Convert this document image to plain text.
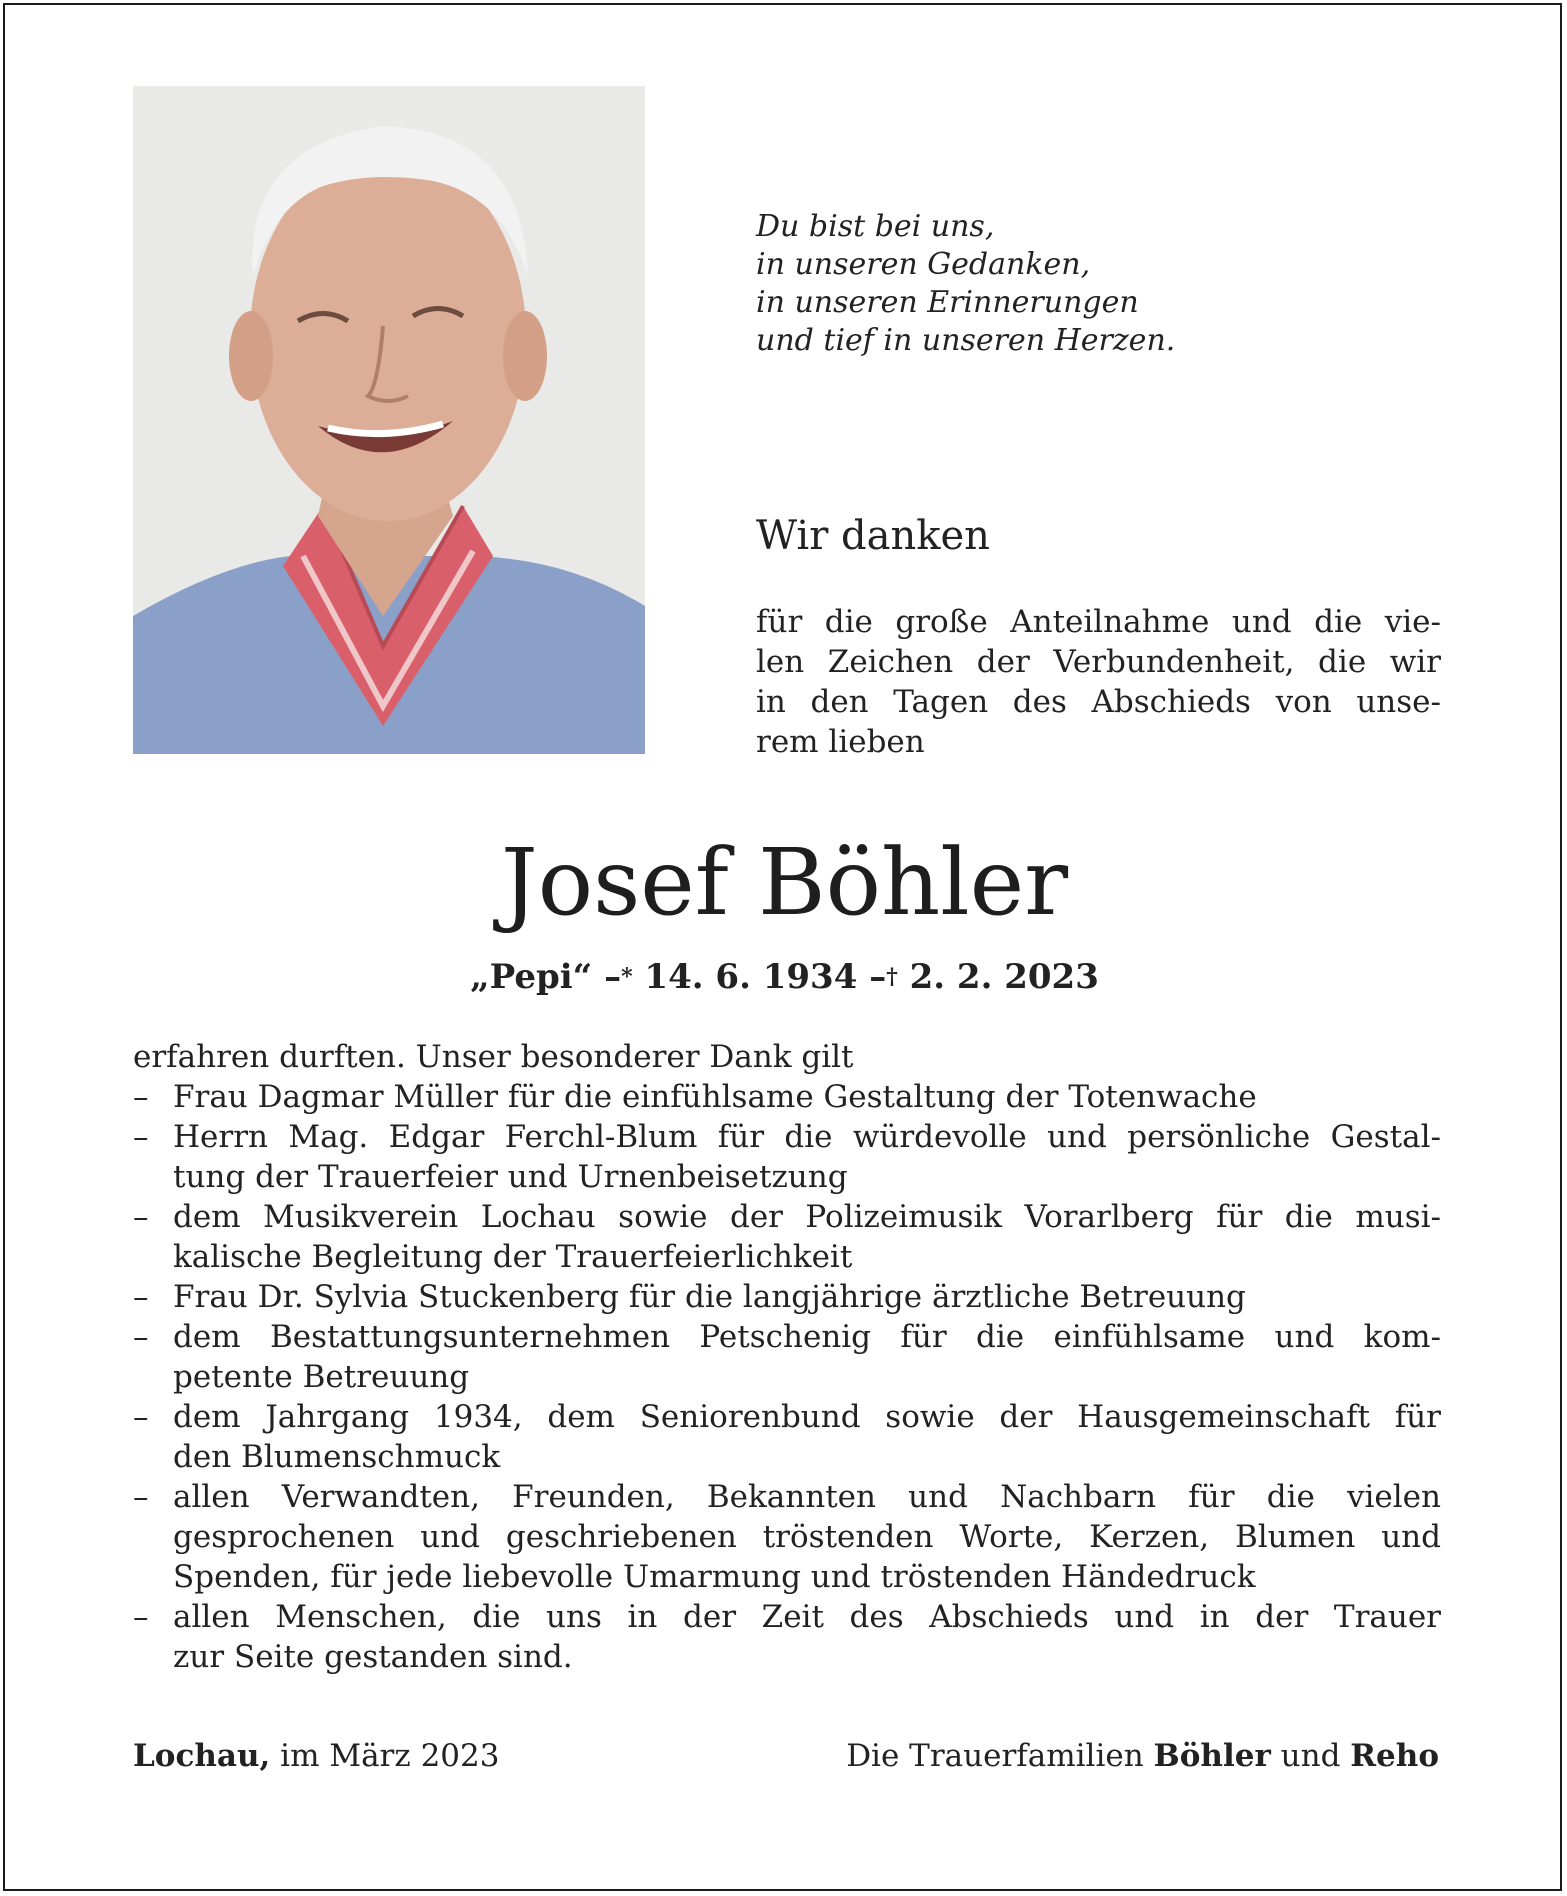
Du bist bei uns,
in unseren Gedanken,
in unseren Erinnerungen
und tief in unseren Herzen.
Wir danken
für die große Anteilnahme und die vie-
len Zeichen der Verbundenheit, die wir
in den Tagen des Abschieds von unse-
rem lieben
Josef Böhler
„Pepi“ –* 14. 6. 1934 –† 2. 2. 2023
erfahren durften. Unser besonderer Dank gilt
– Frau Dagmar Müller für die einfühlsame Gestaltung der Totenwache
– Herrn Mag. Edgar Ferchl-Blum für die würdevolle und persönliche Gestal-
tung der Trauerfeier und Urnenbeisetzung
– dem Musikverein Lochau sowie der Polizeimusik Vorarlberg für die musi-
kalische Begleitung der Trauerfeierlichkeit
– Frau Dr. Sylvia Stuckenberg für die langjährige ärztliche Betreuung
– dem Bestattungsunternehmen Petschenig für die einfühlsame und kom-
petente Betreuung
– dem Jahrgang 1934, dem Seniorenbund sowie der Hausgemeinschaft für
den Blumenschmuck
– allen Verwandten, Freunden, Bekannten und Nachbarn für die vielen
gesprochenen und geschriebenen tröstenden Worte, Kerzen, Blumen und
Spenden, für jede liebevolle Umarmung und tröstenden Händedruck
– allen Menschen, die uns in der Zeit des Abschieds und in der Trauer
zur Seite gestanden sind.
Lochau, im März 2023	Die Trauerfamilien Böhler und Reho
